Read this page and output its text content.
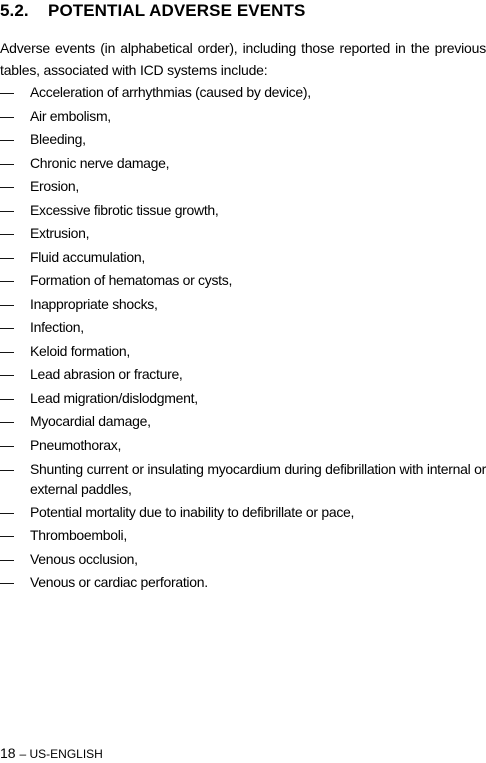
5.2. POTENTIAL ADVERSE EVENTS
Adverse events (in alphabetical order), including those reported in the previous tables, associated with ICD systems include:
— Acceleration of arrhythmias (caused by device),
— Air embolism,
— Bleeding,
— Chronic nerve damage,
— Erosion,
— Excessive fibrotic tissue growth,
— Extrusion,
— Fluid accumulation,
— Formation of hematomas or cysts,
— Inappropriate shocks,
— Infection,
— Keloid formation,
— Lead abrasion or fracture,
— Lead migration/dislodgment,
— Myocardial damage,
— Pneumothorax,
— Shunting current or insulating myocardium during defibrillation with internal or external paddles,
— Potential mortality due to inability to defibrillate or pace,
— Thromboemboli,
— Venous occlusion,
— Venous or cardiac perforation.
18 – US-ENGLISH
